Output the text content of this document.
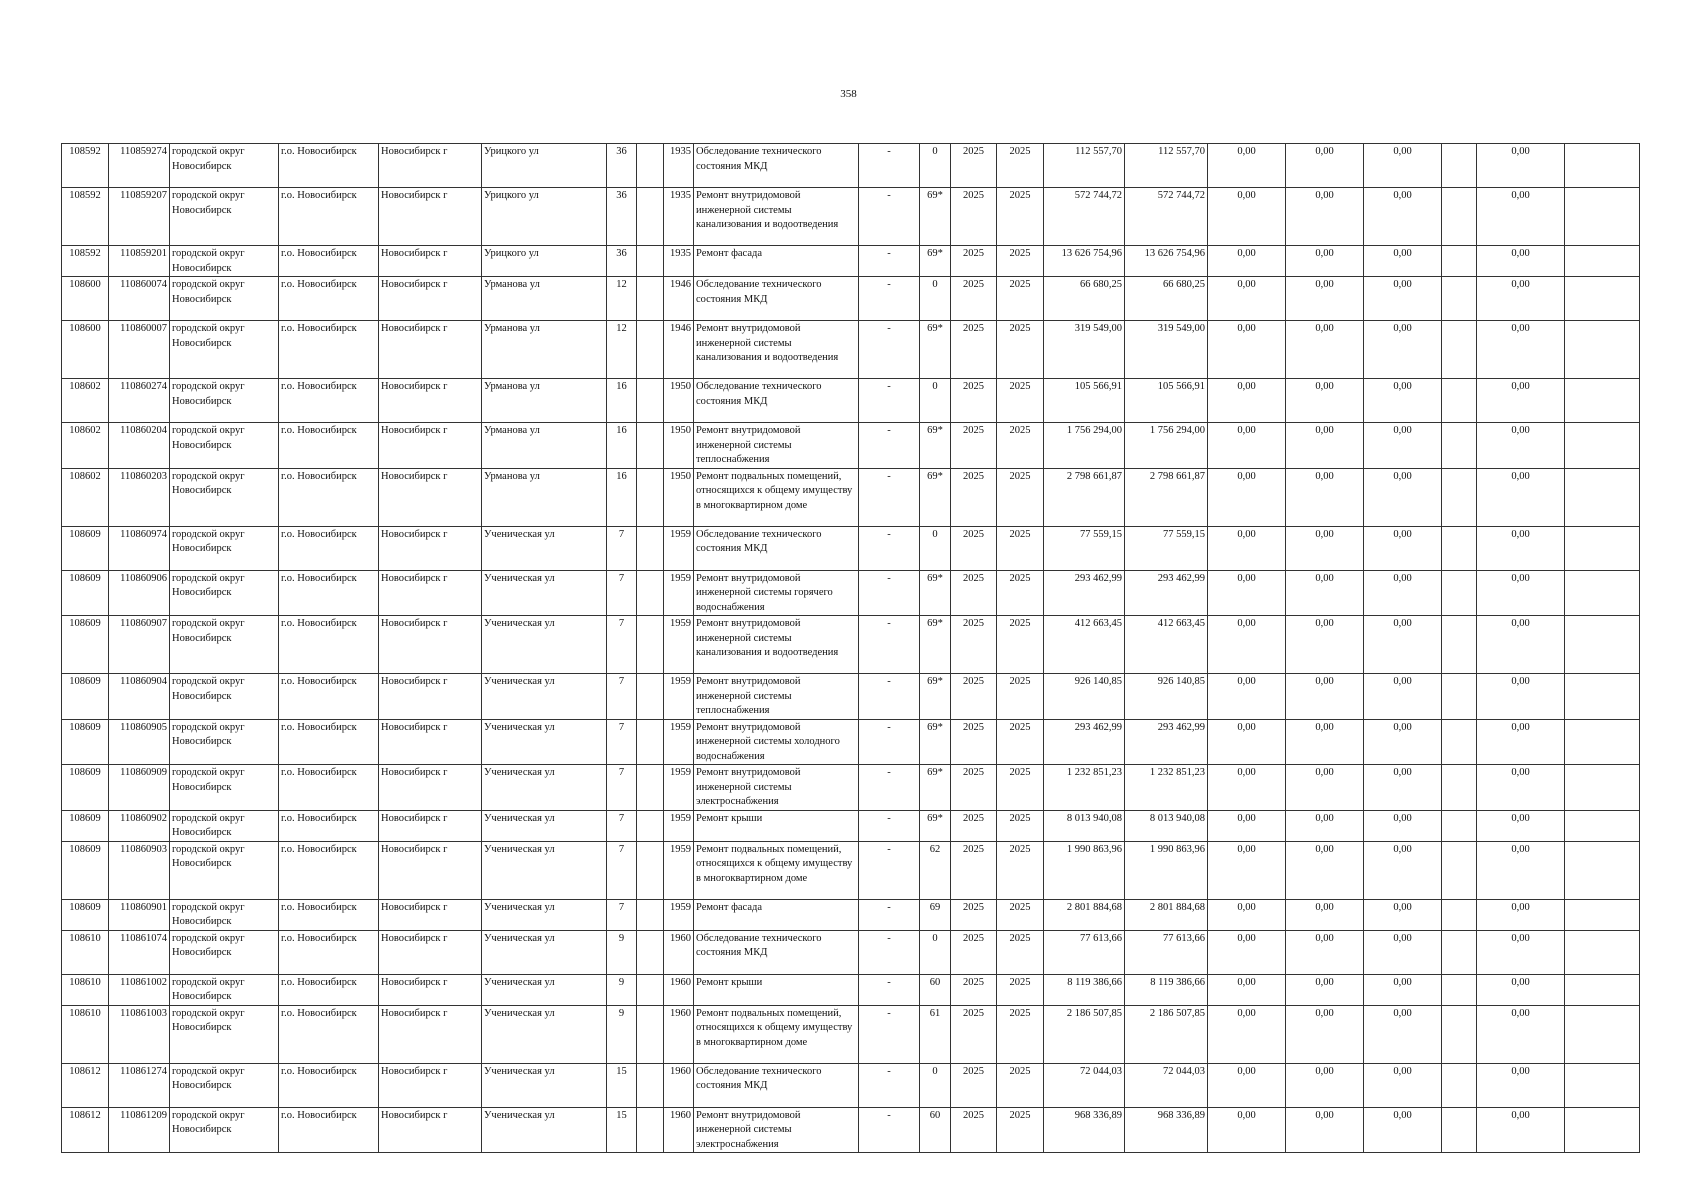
358
108592	110859274	городской округ Новосибирск	г.о. Новосибирск	Новосибирск г	Урицкого ул	36		1935	Обследование технического состояния МКД	-	0	2025	2025	112 557,70	112 557,70	0,00	0,00	0,00		0,00	
108592	110859207	городской округ Новосибирск	г.о. Новосибирск	Новосибирск г	Урицкого ул	36		1935	Ремонт внутридомовой инженерной системы канализования и водоотведения	-	69*	2025	2025	572 744,72	572 744,72	0,00	0,00	0,00		0,00	
108592	110859201	городской округ Новосибирск	г.о. Новосибирск	Новосибирск г	Урицкого ул	36		1935	Ремонт фасада	-	69*	2025	2025	13 626 754,96	13 626 754,96	0,00	0,00	0,00		0,00	
108600	110860074	городской округ Новосибирск	г.о. Новосибирск	Новосибирск г	Урманова ул	12		1946	Обследование технического состояния МКД	-	0	2025	2025	66 680,25	66 680,25	0,00	0,00	0,00		0,00	
108600	110860007	городской округ Новосибирск	г.о. Новосибирск	Новосибирск г	Урманова ул	12		1946	Ремонт внутридомовой инженерной системы канализования и водоотведения	-	69*	2025	2025	319 549,00	319 549,00	0,00	0,00	0,00		0,00	
108602	110860274	городской округ Новосибирск	г.о. Новосибирск	Новосибирск г	Урманова ул	16		1950	Обследование технического состояния МКД	-	0	2025	2025	105 566,91	105 566,91	0,00	0,00	0,00		0,00	
108602	110860204	городской округ Новосибирск	г.о. Новосибирск	Новосибирск г	Урманова ул	16		1950	Ремонт внутридомовой инженерной системы теплоснабжения	-	69*	2025	2025	1 756 294,00	1 756 294,00	0,00	0,00	0,00		0,00	
108602	110860203	городской округ Новосибирск	г.о. Новосибирск	Новосибирск г	Урманова ул	16		1950	Ремонт подвальных помещений, относящихся к общему имуществу в многоквартирном доме	-	69*	2025	2025	2 798 661,87	2 798 661,87	0,00	0,00	0,00		0,00	
108609	110860974	городской округ Новосибирск	г.о. Новосибирск	Новосибирск г	Ученическая ул	7		1959	Обследование технического состояния МКД	-	0	2025	2025	77 559,15	77 559,15	0,00	0,00	0,00		0,00	
108609	110860906	городской округ Новосибирск	г.о. Новосибирск	Новосибирск г	Ученическая ул	7		1959	Ремонт внутридомовой инженерной системы горячего водоснабжения	-	69*	2025	2025	293 462,99	293 462,99	0,00	0,00	0,00		0,00	
108609	110860907	городской округ Новосибирск	г.о. Новосибирск	Новосибирск г	Ученическая ул	7		1959	Ремонт внутридомовой инженерной системы канализования и водоотведения	-	69*	2025	2025	412 663,45	412 663,45	0,00	0,00	0,00		0,00	
108609	110860904	городской округ Новосибирск	г.о. Новосибирск	Новосибирск г	Ученическая ул	7		1959	Ремонт внутридомовой инженерной системы теплоснабжения	-	69*	2025	2025	926 140,85	926 140,85	0,00	0,00	0,00		0,00	
108609	110860905	городской округ Новосибирск	г.о. Новосибирск	Новосибирск г	Ученическая ул	7		1959	Ремонт внутридомовой инженерной системы холодного водоснабжения	-	69*	2025	2025	293 462,99	293 462,99	0,00	0,00	0,00		0,00	
108609	110860909	городской округ Новосибирск	г.о. Новосибирск	Новосибирск г	Ученическая ул	7		1959	Ремонт внутридомовой инженерной системы электроснабжения	-	69*	2025	2025	1 232 851,23	1 232 851,23	0,00	0,00	0,00		0,00	
108609	110860902	городской округ Новосибирск	г.о. Новосибирск	Новосибирск г	Ученическая ул	7		1959	Ремонт крыши	-	69*	2025	2025	8 013 940,08	8 013 940,08	0,00	0,00	0,00		0,00	
108609	110860903	городской округ Новосибирск	г.о. Новосибирск	Новосибирск г	Ученическая ул	7		1959	Ремонт подвальных помещений, относящихся к общему имуществу в многоквартирном доме	-	62	2025	2025	1 990 863,96	1 990 863,96	0,00	0,00	0,00		0,00	
108609	110860901	городской округ Новосибирск	г.о. Новосибирск	Новосибирск г	Ученическая ул	7		1959	Ремонт фасада	-	69	2025	2025	2 801 884,68	2 801 884,68	0,00	0,00	0,00		0,00	
108610	110861074	городской округ Новосибирск	г.о. Новосибирск	Новосибирск г	Ученическая ул	9		1960	Обследование технического состояния МКД	-	0	2025	2025	77 613,66	77 613,66	0,00	0,00	0,00		0,00	
108610	110861002	городской округ Новосибирск	г.о. Новосибирск	Новосибирск г	Ученическая ул	9		1960	Ремонт крыши	-	60	2025	2025	8 119 386,66	8 119 386,66	0,00	0,00	0,00		0,00	
108610	110861003	городской округ Новосибирск	г.о. Новосибирск	Новосибирск г	Ученическая ул	9		1960	Ремонт подвальных помещений, относящихся к общему имуществу в многоквартирном доме	-	61	2025	2025	2 186 507,85	2 186 507,85	0,00	0,00	0,00		0,00	
108612	110861274	городской округ Новосибирск	г.о. Новосибирск	Новосибирск г	Ученическая ул	15		1960	Обследование технического состояния МКД	-	0	2025	2025	72 044,03	72 044,03	0,00	0,00	0,00		0,00	
108612	110861209	городской округ Новосибирск	г.о. Новосибирск	Новосибирск г	Ученическая ул	15		1960	Ремонт внутридомовой инженерной системы электроснабжения	-	60	2025	2025	968 336,89	968 336,89	0,00	0,00	0,00		0,00	
